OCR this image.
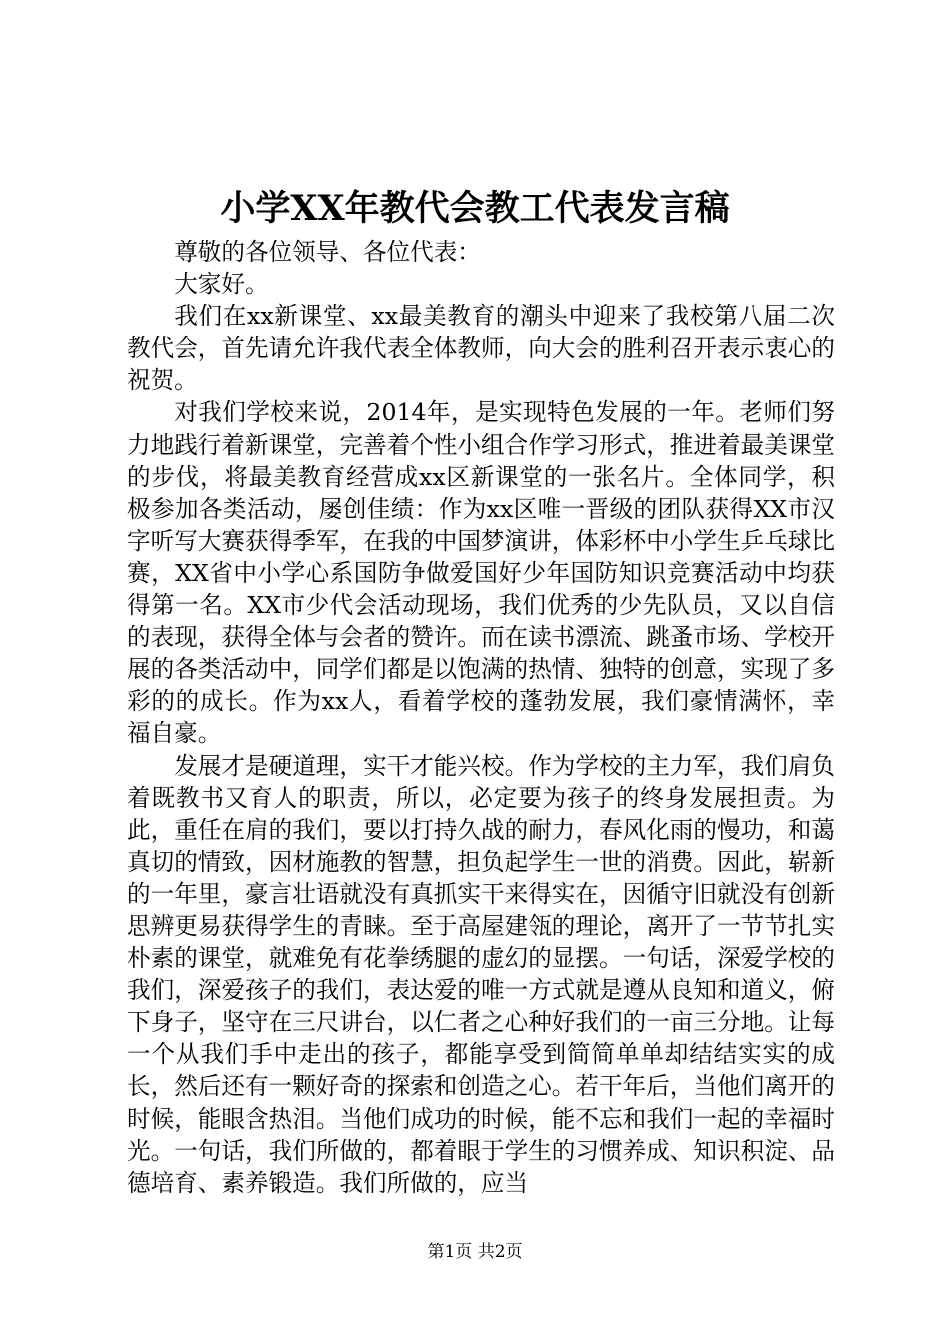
小学XX年教代会教工代表发言稿

尊敬的各位领导、各位代表：

大家好。

我们在xx新课堂、xx最美教育的潮头中迎来了我校第八届二次教代会，首先请允许我代表全体教师，向大会的胜利召开表示衷心的祝贺。

对我们学校来说，2014年，是实现特色发展的一年。老师们努力地践行着新课堂，完善着个性小组合作学习形式，推进着最美课堂的步伐，将最美教育经营成xx区新课堂的一张名片。全体同学，积极参加各类活动，屡创佳绩：作为xx区唯一晋级的团队获得XX市汉字听写大赛获得季军，在我的中国梦演讲，体彩杯中小学生乒乓球比赛，XX省中小学心系国防争做爱国好少年国防知识竞赛活动中均获得第一名。XX市少代会活动现场，我们优秀的少先队员，又以自信的表现，获得全体与会者的赞许。而在读书漂流、跳蚤市场、学校开展的各类活动中，同学们都是以饱满的热情、独特的创意，实现了多彩的的成长。作为xx人，看着学校的蓬勃发展，我们豪情满怀，幸福自豪。

发展才是硬道理，实干才能兴校。作为学校的主力军，我们肩负着既教书又育人的职责，所以，必定要为孩子的终身发展担责。为此，重任在肩的我们，要以打持久战的耐力，春风化雨的慢功，和蔼真切的情致，因材施教的智慧，担负起学生一世的消费。因此，崭新的一年里，豪言壮语就没有真抓实干来得实在，因循守旧就没有创新思辨更易获得学生的青睐。至于高屋建瓴的理论，离开了一节节扎实朴素的课堂，就难免有花拳绣腿的虚幻的显摆。一句话，深爱学校的我们，深爱孩子的我们，表达爱的唯一方式就是遵从良知和道义，俯下身子，坚守在三尺讲台，以仁者之心种好我们的一亩三分地。让每一个从我们手中走出的孩子，都能享受到简简单单却结结实实的成长，然后还有一颗好奇的探索和创造之心。若干年后，当他们离开的时候，能眼含热泪。当他们成功的时候，能不忘和我们一起的幸福时光。一句话，我们所做的，都着眼于学生的习惯养成、知识积淀、品德培育、素养锻造。我们所做的，应当

第1页 共2页
